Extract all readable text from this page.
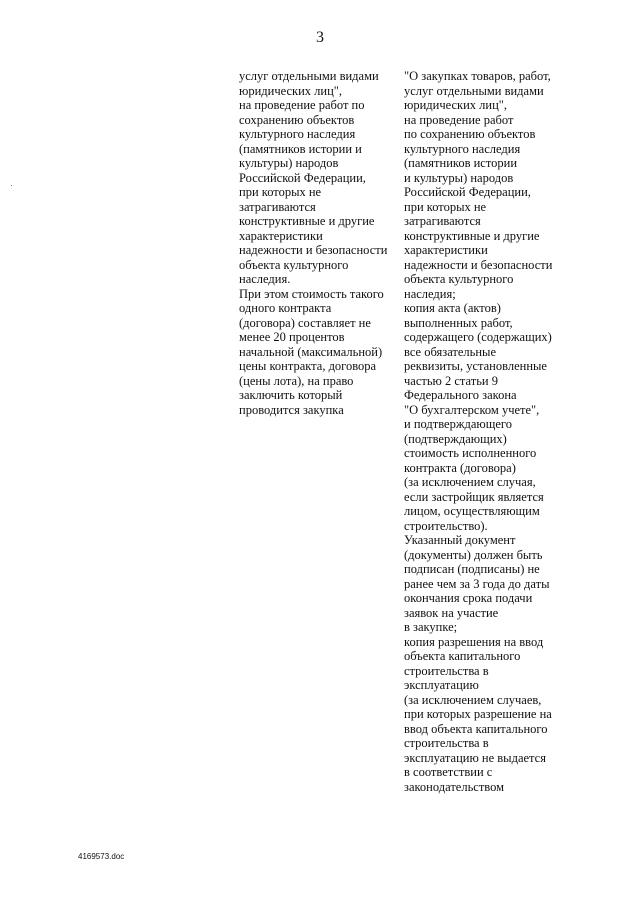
3
услуг отдельными видами
юридических лиц",
на проведение работ по
сохранению объектов
культурного наследия
(памятников истории и
культуры) народов
Российской Федерации,
при которых не
затрагиваются
конструктивные и другие
характеристики
надежности и безопасности
объекта культурного
наследия.
При этом стоимость такого
одного контракта
(договора) составляет не
менее 20 процентов
начальной (максимальной)
цены контракта, договора
(цены лота), на право
заключить который
проводится закупка
"О закупках товаров, работ,
услуг отдельными видами
юридических лиц",
на проведение работ
по сохранению объектов
культурного наследия
(памятников истории
и культуры) народов
Российской Федерации,
при которых не
затрагиваются
конструктивные и другие
характеристики
надежности и безопасности
объекта культурного
наследия;
копия акта (актов)
выполненных работ,
содержащего (содержащих)
все обязательные
реквизиты, установленные
частью 2 статьи 9
Федерального закона
"О бухгалтерском учете",
и подтверждающего
(подтверждающих)
стоимость исполненного
контракта (договора)
(за исключением случая,
если застройщик является
лицом, осуществляющим
строительство).
Указанный документ
(документы) должен быть
подписан (подписаны) не
ранее чем за 3 года до даты
окончания срока подачи
заявок на участие
в закупке;
копия разрешения на ввод
объекта капитального
строительства в
эксплуатацию
(за исключением случаев,
при которых разрешение на
ввод объекта капитального
строительства в
эксплуатацию не выдается
в соответствии с
законодательством
4169573.doc
